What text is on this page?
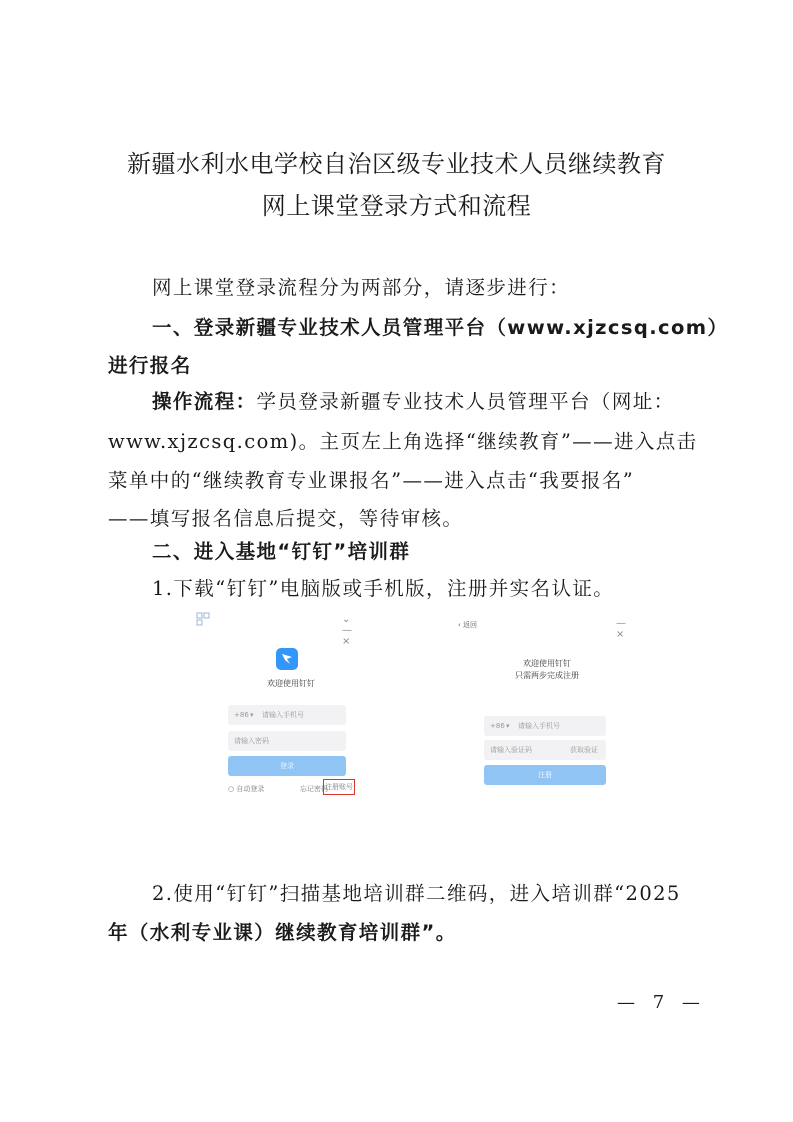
新疆水利水电学校自治区级专业技术人员继续教育
网上课堂登录方式和流程
网上课堂登录流程分为两部分，请逐步进行：
一、登录新疆专业技术人员管理平台（www.xjzcsq.com）
进行报名
操作流程：学员登录新疆专业技术人员管理平台（网址：
www.xjzcsq.com)。主页左上角选择“继续教育”——进入点击
菜单中的“继续教育专业课报名”——进入点击“我要报名”
——填写报名信息后提交，等待审核。
二、进入基地“钉钉”培训群
1.下载“钉钉”电脑版或手机版，注册并实名认证。
⌄ — ×
欢迎使用钉钉
+86 ▾ 请输入手机号
请输入密码
登录
○ 自动登录	忘记密码
注册账号
‹ 返回	— ×
欢迎使用钉钉
只需两步完成注册
+86 ▾ 请输入手机号
请输入验证码	获取验证
注册
2.使用“钉钉”扫描基地培训群二维码，进入培训群“2025
年（水利专业课）继续教育培训群”。
— 7 —
